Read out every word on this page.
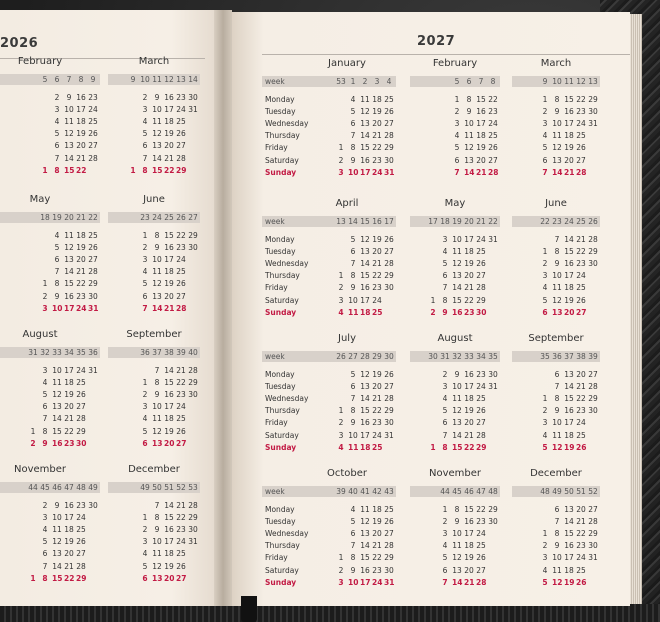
2026	2027
February
5 6 7 8 9
2 9 16 23
3 10 17 24
4 11 18 25
5 12 19 26
6 13 20 27
7 14 21 28
1 8 15 22
March
9 10 11 12 13 14
2 9 16 23 30
3 10 17 24 31
4 11 18 25
5 12 19 26
6 13 20 27
7 14 21 28
1 8 15 22 29
May
18 19 20 21 22
4 11 18 25
5 12 19 26
6 13 20 27
7 14 21 28
1 8 15 22 29
2 9 16 23 30
3 10 17 24 31
June
23 24 25 26 27
1 8 15 22 29
2 9 16 23 30
3 10 17 24
4 11 18 25
5 12 19 26
6 13 20 27
7 14 21 28
August
31 32 33 34 35 36
3 10 17 24 31
4 11 18 25
5 12 19 26
6 13 20 27
7 14 21 28
1 8 15 22 29
2 9 16 23 30
September
36 37 38 39 40
7 14 21 28
1 8 15 22 29
2 9 16 23 30
3 10 17 24
4 11 18 25
5 12 19 26
6 13 20 27
November
44 45 46 47 48 49
2 9 16 23 30
3 10 17 24
4 11 18 25
5 12 19 26
6 13 20 27
7 14 21 28
1 8 15 22 29
December
49 50 51 52 53
7 14 21 28
1 8 15 22 29
2 9 16 23 30
3 10 17 24 31
4 11 18 25
5 12 19 26
6 13 20 27
week
Monday
Tuesday
Wednesday
Thursday
Friday
Saturday
Sunday
January
53 1 2 3 4
4 11 18 25
5 12 19 26
6 13 20 27
7 14 21 28
1 8 15 22 29
2 9 16 23 30
3 10 17 24 31
February
5 6 7 8
1 8 15 22
2 9 16 23
3 10 17 24
4 11 18 25
5 12 19 26
6 13 20 27
7 14 21 28
March
9 10 11 12 13
1 8 15 22 29
2 9 16 23 30
3 10 17 24 31
4 11 18 25
5 12 19 26
6 13 20 27
7 14 21 28
week
Monday
Tuesday
Wednesday
Thursday
Friday
Saturday
Sunday
April
13 14 15 16 17
5 12 19 26
6 13 20 27
7 14 21 28
1 8 15 22 29
2 9 16 23 30
3 10 17 24
4 11 18 25
May
17 18 19 20 21 22
3 10 17 24 31
4 11 18 25
5 12 19 26
6 13 20 27
7 14 21 28
1 8 15 22 29
2 9 16 23 30
June
22 23 24 25 26
7 14 21 28
1 8 15 22 29
2 9 16 23 30
3 10 17 24
4 11 18 25
5 12 19 26
6 13 20 27
week
Monday
Tuesday
Wednesday
Thursday
Friday
Saturday
Sunday
July
26 27 28 29 30
5 12 19 26
6 13 20 27
7 14 21 28
1 8 15 22 29
2 9 16 23 30
3 10 17 24 31
4 11 18 25
August
30 31 32 33 34 35
2 9 16 23 30
3 10 17 24 31
4 11 18 25
5 12 19 26
6 13 20 27
7 14 21 28
1 8 15 22 29
September
35 36 37 38 39
6 13 20 27
7 14 21 28
1 8 15 22 29
2 9 16 23 30
3 10 17 24
4 11 18 25
5 12 19 26
week
Monday
Tuesday
Wednesday
Thursday
Friday
Saturday
Sunday
October
39 40 41 42 43
4 11 18 25
5 12 19 26
6 13 20 27
7 14 21 28
1 8 15 22 29
2 9 16 23 30
3 10 17 24 31
November
44 45 46 47 48
1 8 15 22 29
2 9 16 23 30
3 10 17 24
4 11 18 25
5 12 19 26
6 13 20 27
7 14 21 28
December
48 49 50 51 52
6 13 20 27
7 14 21 28
1 8 15 22 29
2 9 16 23 30
3 10 17 24 31
4 11 18 25
5 12 19 26
